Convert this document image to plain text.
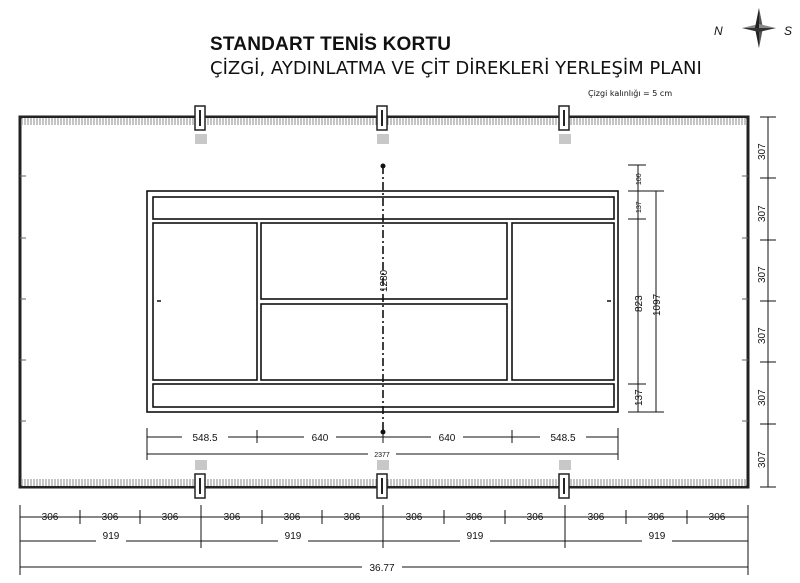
STANDART TENİS KORTU
ÇİZGİ, AYDINLATMA VE ÇİT DİREKLERİ YERLEŞİM PLANI
Çizgi kalınlığı = 5 cm
N	S
100
137
823 1097
137
1280
548.5	640	640	548.5
2377
307
307
307
307
307
307
306	306	306	306	306	306	306	306	306	306	306	306
919	919	919	919
36.77
